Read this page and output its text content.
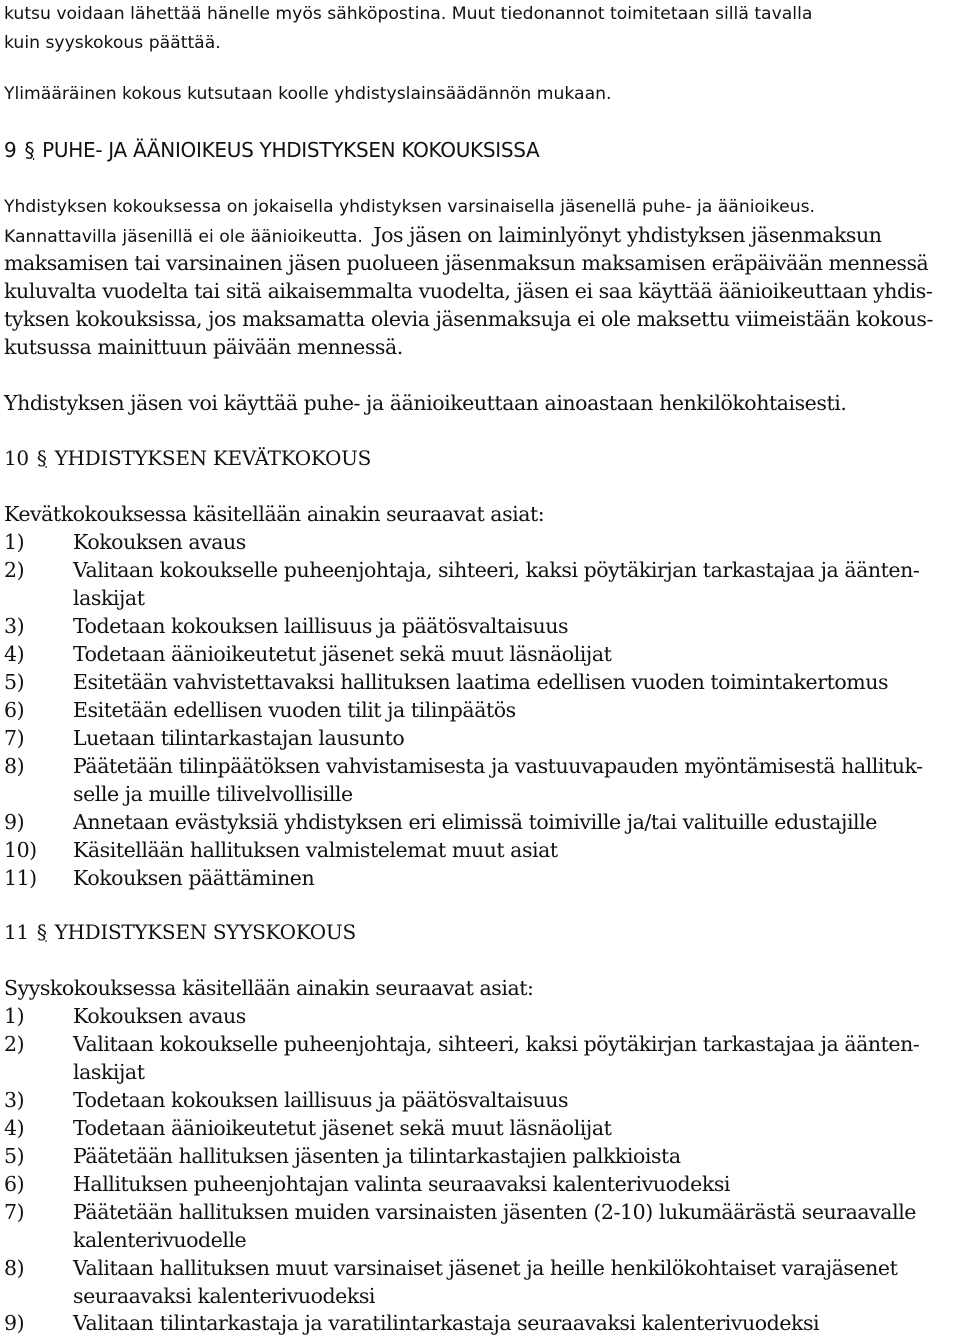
kutsu voidaan lähettää hänelle myös sähköpostina. Muut tiedonannot toimitetaan sillä tavalla
kuin syyskokous päättää.
Ylimääräinen kokous kutsutaan koolle yhdistyslainsäädännön mukaan.
9 § PUHE- JA ÄÄNIOIKEUS YHDISTYKSEN KOKOUKSISSA
Yhdistyksen kokouksessa on jokaisella yhdistyksen varsinaisella jäsenellä puhe- ja äänioikeus.
Kannattavilla jäsenillä ei ole äänioikeutta. Jos jäsen on laiminlyönyt yhdistyksen jäsenmaksun
maksamisen tai varsinainen jäsen puolueen jäsenmaksun maksamisen eräpäivään mennessä
kuluvalta vuodelta tai sitä aikaisemmalta vuodelta, jäsen ei saa käyttää äänioikeuttaan yhdis-
tyksen kokouksissa, jos maksamatta olevia jäsenmaksuja ei ole maksettu viimeistään kokous-
kutsussa mainittuun päivään mennessä.
Yhdistyksen jäsen voi käyttää puhe- ja äänioikeuttaan ainoastaan henkilökohtaisesti.
10 § YHDISTYKSEN KEVÄTKOKOUS
Kevätkokouksessa käsitellään ainakin seuraavat asiat:
1) Kokouksen avaus
2) Valitaan kokoukselle puheenjohtaja, sihteeri, kaksi pöytäkirjan tarkastajaa ja äänten-
laskijat
3) Todetaan kokouksen laillisuus ja päätösvaltaisuus
4) Todetaan äänioikeutetut jäsenet sekä muut läsnäolijat
5) Esitetään vahvistettavaksi hallituksen laatima edellisen vuoden toimintakertomus
6) Esitetään edellisen vuoden tilit ja tilinpäätös
7) Luetaan tilintarkastajan lausunto
8) Päätetään tilinpäätöksen vahvistamisesta ja vastuuvapauden myöntämisestä hallituk-
selle ja muille tilivelvollisille
9) Annetaan evästyksiä yhdistyksen eri elimissä toimiville ja/tai valituille edustajille
10) Käsitellään hallituksen valmistelemat muut asiat
11) Kokouksen päättäminen
11 § YHDISTYKSEN SYYSKOKOUS
Syyskokouksessa käsitellään ainakin seuraavat asiat:
1) Kokouksen avaus
2) Valitaan kokoukselle puheenjohtaja, sihteeri, kaksi pöytäkirjan tarkastajaa ja äänten-
laskijat
3) Todetaan kokouksen laillisuus ja päätösvaltaisuus
4) Todetaan äänioikeutetut jäsenet sekä muut läsnäolijat
5) Päätetään hallituksen jäsenten ja tilintarkastajien palkkioista
6) Hallituksen puheenjohtajan valinta seuraavaksi kalenterivuodeksi
7) Päätetään hallituksen muiden varsinaisten jäsenten (2-10) lukumäärästä seuraavalle
kalenterivuodelle
8) Valitaan hallituksen muut varsinaiset jäsenet ja heille henkilökohtaiset varajäsenet
seuraavaksi kalenterivuodeksi
9) Valitaan tilintarkastaja ja varatilintarkastaja seuraavaksi kalenterivuodeksi
